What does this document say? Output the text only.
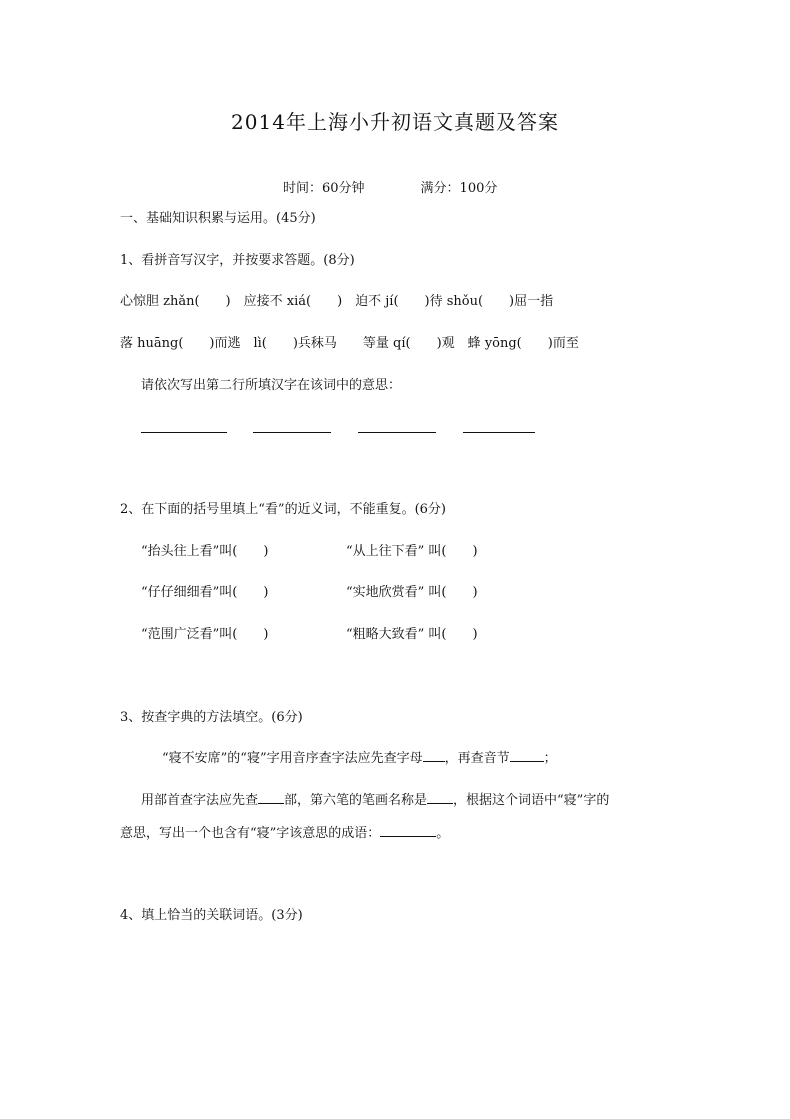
2014年上海小升初语文真题及答案
时间：60分钟	满分：100分
一、基础知识积累与运用。(45分)
1、看拼音写汉字，并按要求答题。(8分)
心惊胆 zhǎn(　　)　应接不 xiá(　　)　迫不 jí(　　)待 shǒu(　　)屈一指
落 huāng(　　)而逃　lì(　　)兵秣马　　等量 qí(　　)观　蜂 yōng(　　)而至
请依次写出第二行所填汉字在该词中的意思：
2、在下面的括号里填上“看”的近义词，不能重复。(6分)
“抬头往上看”叫(　　)	“从上往下看” 叫(　　)
“仔仔细细看”叫(　　)	“实地欣赏看” 叫(　　)
“范围广泛看”叫(　　)	“粗略大致看” 叫(　　)
3、按查字典的方法填空。(6分)
“寝不安席”的“寝”字用音序查字法应先查字母 ，再查音节	；
用部首查字法应先查 部，第六笔的笔画名称是 ，根据这个词语中“寝”字的
意思，写出一个也含有“寝”字该意思的成语：	。
4、填上恰当的关联词语。(3分)
